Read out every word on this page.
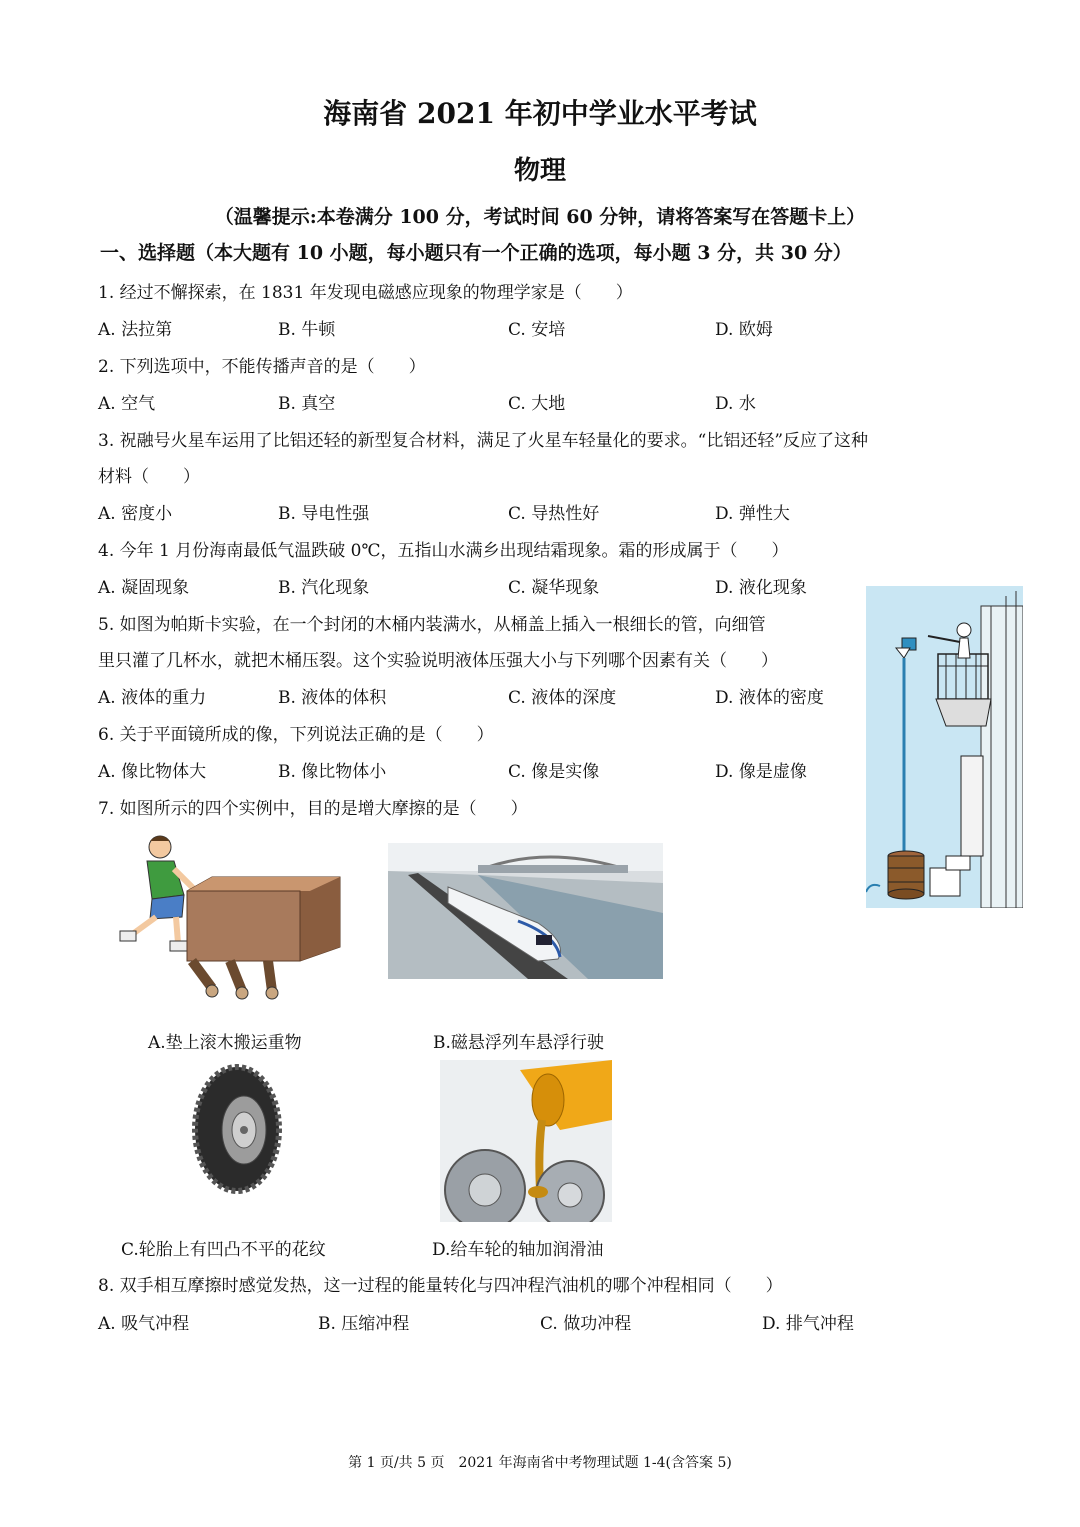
海南省 2021 年初中学业水平考试
物理
（温馨提示:本卷满分 100 分，考试时间 60 分钟，请将答案写在答题卡上）
一、选择题（本大题有 10 小题，每小题只有一个正确的选项，每小题 3 分，共 30 分）
1. 经过不懈探索，在 1831 年发现电磁感应现象的物理学家是（　　）
A. 法拉第	B. 牛顿	C. 安培	D. 欧姆
2. 下列选项中，不能传播声音的是（　　）
A. 空气	B. 真空	C. 大地	D. 水
3. 祝融号火星车运用了比铝还轻的新型复合材料，满足了火星车轻量化的要求。“比铝还轻”反应了这种
材料（　　）
A. 密度小	B. 导电性强	C. 导热性好	D. 弹性大
4. 今年 1 月份海南最低气温跌破 0℃，五指山水满乡出现结霜现象。霜的形成属于（　　）
A. 凝固现象	B. 汽化现象	C. 凝华现象	D. 液化现象
5. 如图为帕斯卡实验，在一个封闭的木桶内装满水，从桶盖上插入一根细长的管，向细管
里只灌了几杯水，就把木桶压裂。这个实验说明液体压强大小与下列哪个因素有关（　　）
A. 液体的重力	B. 液体的体积	C. 液体的深度	D. 液体的密度
6. 关于平面镜所成的像，下列说法正确的是（　　）
A. 像比物体大	B. 像比物体小	C. 像是实像	D. 像是虚像
7. 如图所示的四个实例中，目的是增大摩擦的是（　　）
A.垫上滚木搬运重物	B.磁悬浮列车悬浮行驶
C.轮胎上有凹凸不平的花纹	D.给车轮的轴加润滑油
8. 双手相互摩擦时感觉发热，这一过程的能量转化与四冲程汽油机的哪个冲程相同（　　）
A. 吸气冲程	B. 压缩冲程	C. 做功冲程	D. 排气冲程
第 1 页/共 5 页　2021 年海南省中考物理试题 1-4(含答案 5)
